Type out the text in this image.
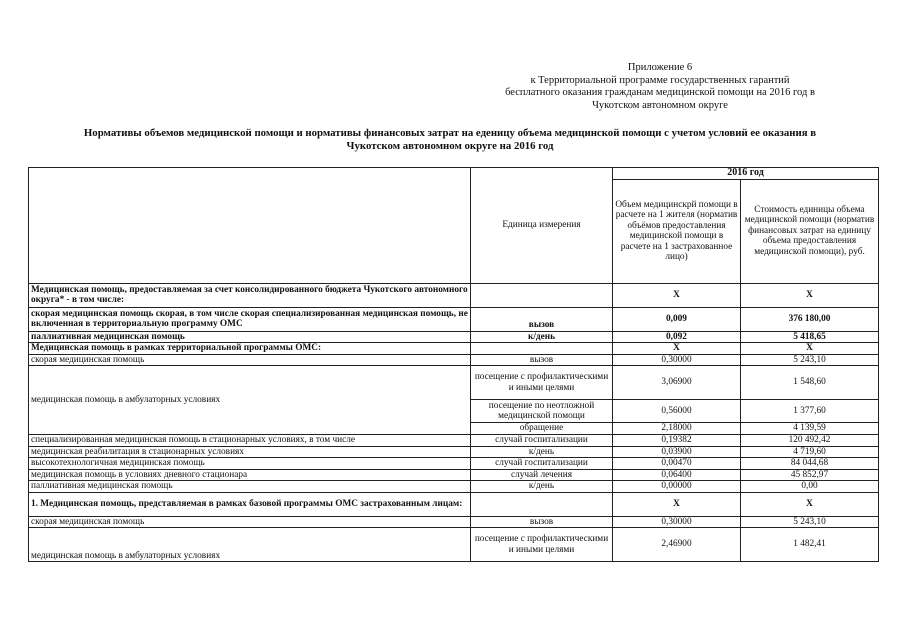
Приложение 6
к Территориальной программе государственных гарантий
бесплатного оказания гражданам медицинской помощи на 2016 год в
Чукотском автономном округе
Нормативы объемов медицинской помощи и нормативы финансовых затрат на еденицу объема медицинской помощи с учетом условий ее оказания в
Чукотском автономном округе на 2016 год
	Единица измерения	2016 год	
		Объем медицинскрй помощи в расчете на 1 жителя (норматив объёмов предоставления медицинской помощи в расчете на 1 застрахованное лицо)	Стоимость единицы объема медицинской помощи (норматив финансовых затрат на единицу объема предоставления медицинской помощи), руб.
Медицинская помощь, предоставляемая за счет консолидированного бюджета Чукотского автономного округа* - в том числе:		X	X
скорая медицинская помощь скорая, в том числе скорая специализированная медицинская помощь, не включенная в территориальную программу ОМС	вызов	0,009	376 180,00
паллиативная медицинская помощь	к/день	0,092	5 418,65
Медицинская помощь в рамках территориальной программы ОМС:		X	X
скорая медицинская помощь	вызов	0,30000	5 243,10
медицинская помощь в амбулаторных условиях	посещение с профилактическими и иными целями	3,06900	1 548,60
	посещение по неотложной медицинской помощи	0,56000	1 377,60
	обращение	2,18000	4 139,59
специализированная медицинская помощь в стационарных условиях, в том числе	случай госпитализации	0,19382	120 492,42
медицинская реабилитация в стационарных условиях	к/день	0,03900	4 719,60
высокотехнологичная медицинская помощь	случай госпитализации	0,00470	84 044,68
медицинская помощь в условиях дневного стационара	случай лечения	0,06400	45 852,97
паллиативная медицинская помощь	к/день	0,00000	0,00
1. Медицинская помощь, представляемая в рамках базовой программы ОМС застрахованным лицам:		X	X
скорая медицинская помощь	вызов	0,30000	5 243,10
медицинская помощь в амбулаторных условиях	посещение с профилактическими и иными целями	2,46900	1 482,41
